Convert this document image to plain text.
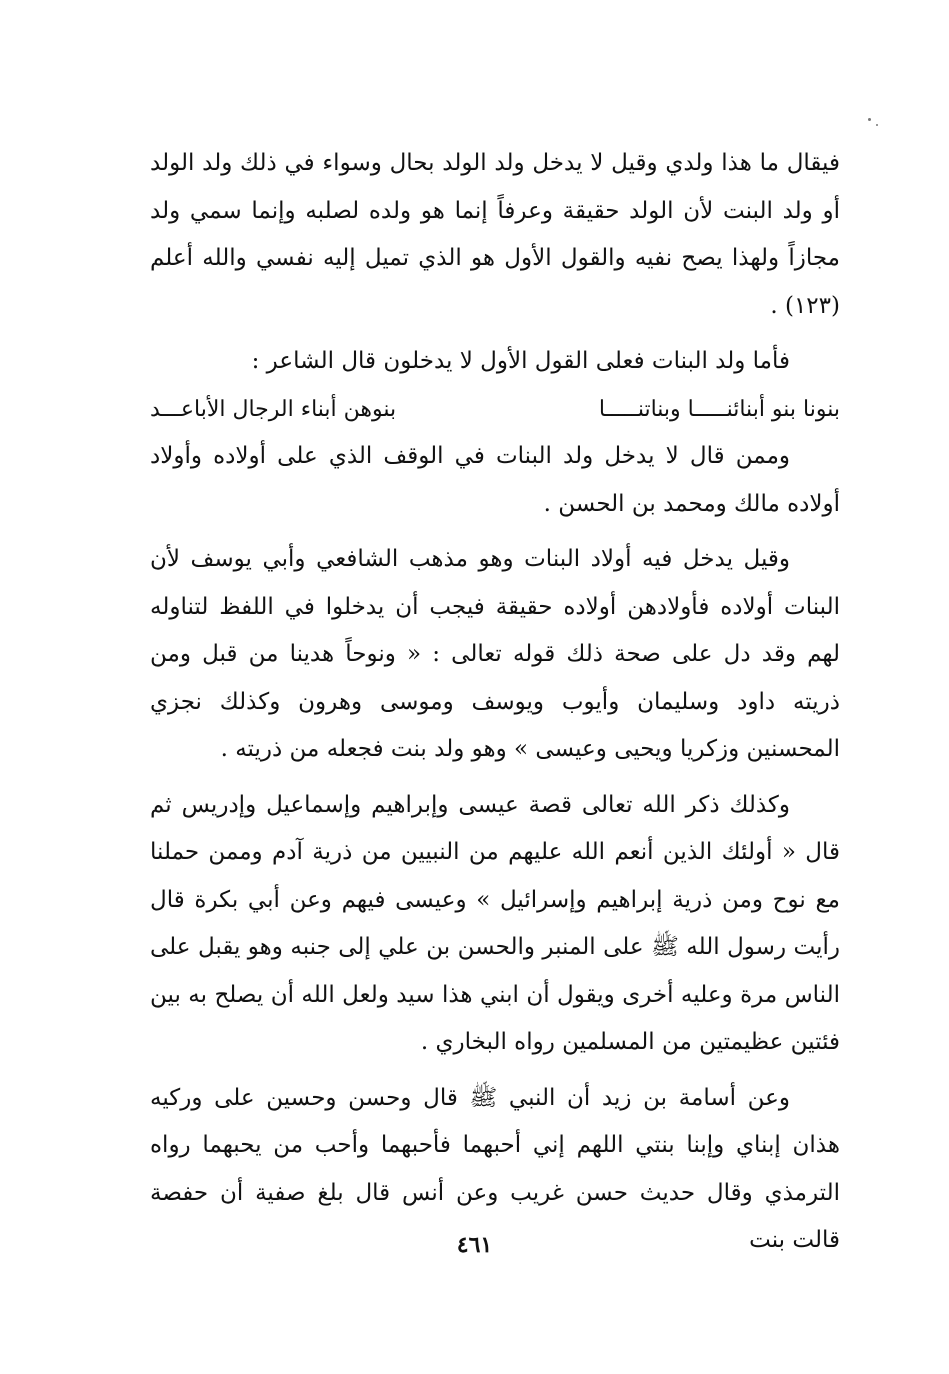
فيقال ما هذا ولدي وقيل لا يدخل ولد الولد بحال وسواء في ذلك ولد الولد أو ولد البنت لأن الولد حقيقة وعرفاً إنما هو ولده لصلبه وإنما سمي ولد مجازاً ولهذا يصح نفيه والقول الأول هو الذي تميل إليه نفسي والله أعلم (١٢٣) .

فأما ولد البنات فعلى القول الأول لا يدخلون قال الشاعر :

بنونا بنو أبنائنـــــا وبناتنـــــا
بنوهن أبناء الرجال الأباعـــد

وممن قال لا يدخل ولد البنات في الوقف الذي على أولاده وأولاد أولاده مالك ومحمد بن الحسن .

وقيل يدخل فيه أولاد البنات وهو مذهب الشافعي وأبي يوسف لأن البنات أولاده فأولادهن أولاده حقيقة فيجب أن يدخلوا في اللفظ لتناوله لهم وقد دل على صحة ذلك قوله تعالى : « ونوحاً هدينا من قبل ومن ذريته داود وسليمان وأيوب ويوسف وموسى وهرون وكذلك نجزي المحسنين وزكريا ويحيى وعيسى » وهو ولد بنت فجعله من ذريته .

وكذلك ذكر الله تعالى قصة عيسى وإبراهيم وإسماعيل وإدريس ثم قال « أولئك الذين أنعم الله عليهم من النبيين من ذرية آدم وممن حملنا مع نوح ومن ذرية إبراهيم وإسرائيل » وعيسى فيهم وعن أبي بكرة قال رأيت رسول الله ﷺ على المنبر والحسن بن علي إلى جنبه وهو يقبل على الناس مرة وعليه أخرى ويقول أن ابني هذا سيد ولعل الله أن يصلح به بين فئتين عظيمتين من المسلمين رواه البخاري .

وعن أسامة بن زيد أن النبي ﷺ قال وحسن وحسين على وركيه هذان إبناي وإبنا بنتي اللهم إني أحبهما فأحبهما وأحب من يحبهما رواه الترمذي وقال حديث حسن غريب وعن أنس قال بلغ صفية أن حفصة قالت بنت

٤٦١
